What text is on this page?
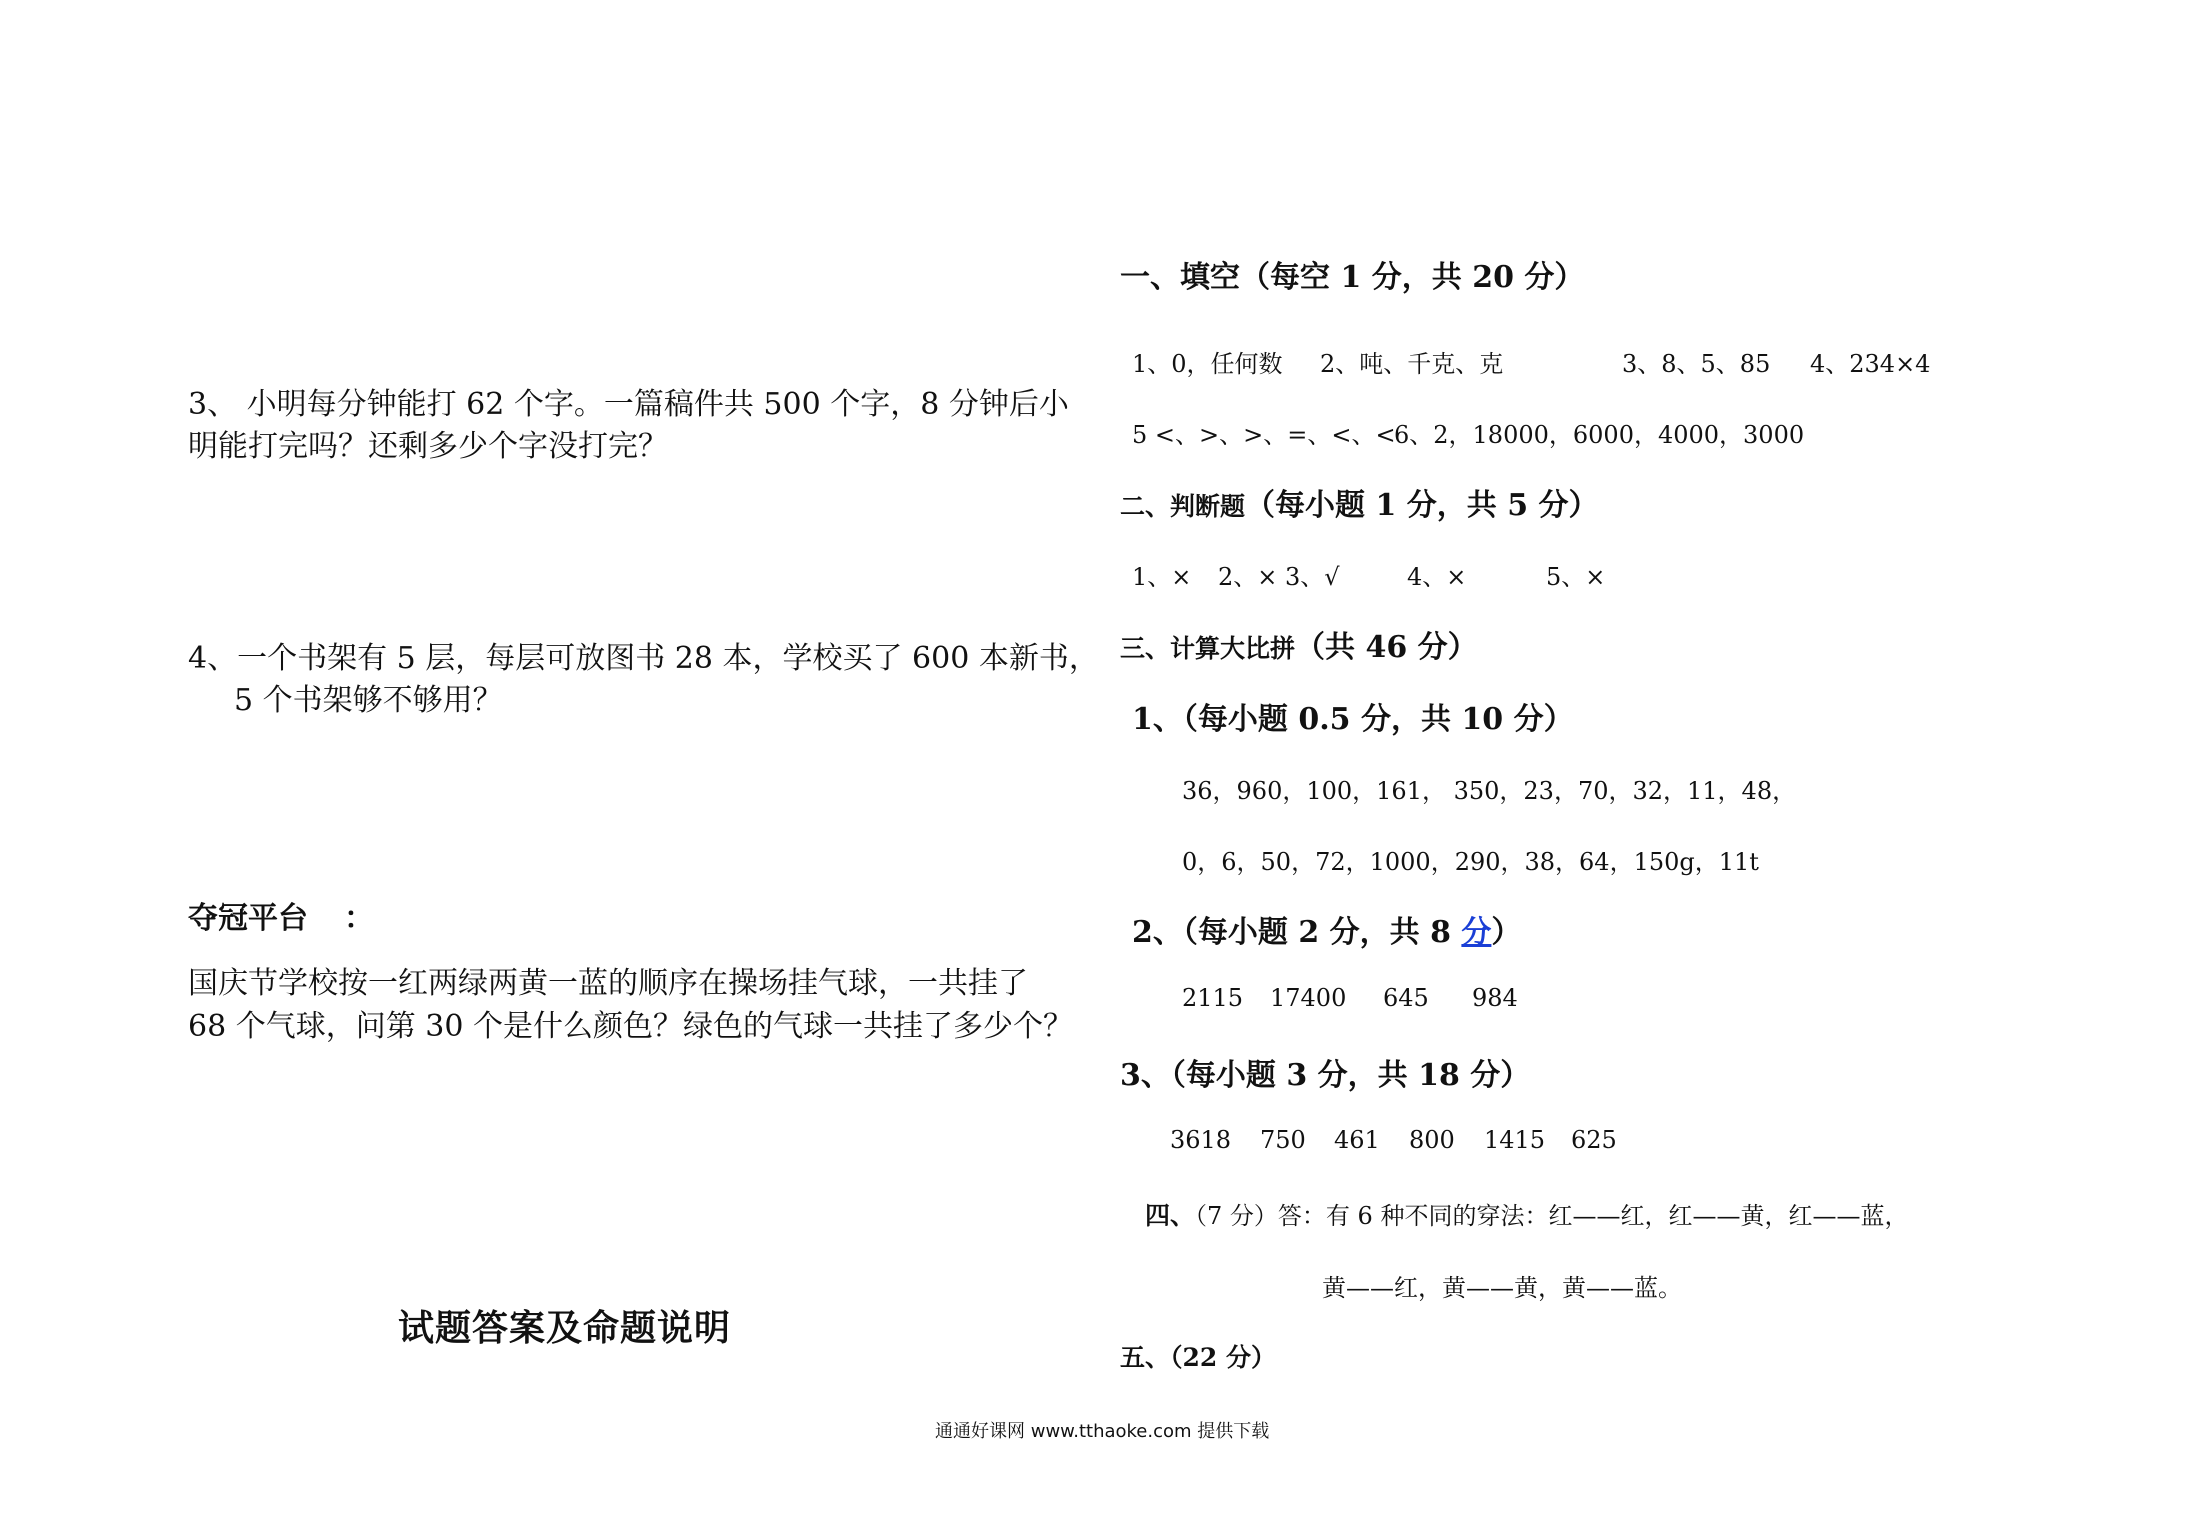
3、 小明每分钟能打 62 个字。一篇稿件共 500 个字，8 分钟后小
明能打完吗？还剩多少个字没打完？
4、一个书架有 5 层，每层可放图书 28 本，学校买了 600 本新书，
5 个书架够不够用？
夺冠平台 ：
国庆节学校按一红两绿两黄一蓝的顺序在操场挂气球，一共挂了
68 个气球，问第 30 个是什么颜色？绿色的气球一共挂了多少个？
试题答案及命题说明
一、填空（每空 1 分，共 20 分）
1、0，任何数 2、吨、千克、克	3、8、5、85 4、234×4
5 <、>、>、=、<、<
6、2，18000，6000，4000，3000
二、判断题（每小题 1 分，共 5 分）
1、× 2、× 3、√	4、×	5、×
三、计算大比拼（共 46 分）
1、（每小题 0.5 分，共 10 分）
36，960，100，161， 350，23，70，32，11，48，
0，6，50，72，1000，290，38，64，150g，11t
2、（每小题 2 分，共 8 分）
2115 17400 645 984
3、（每小题 3 分，共 18 分）
3618 750 461 800 1415 625
四、（7 分）答：有 6 种不同的穿法：红——红，红——黄，红——蓝，
黄——红，黄——黄，黄——蓝。
五、（22 分）
通通好课网 www.tthaoke.com 提供下载
